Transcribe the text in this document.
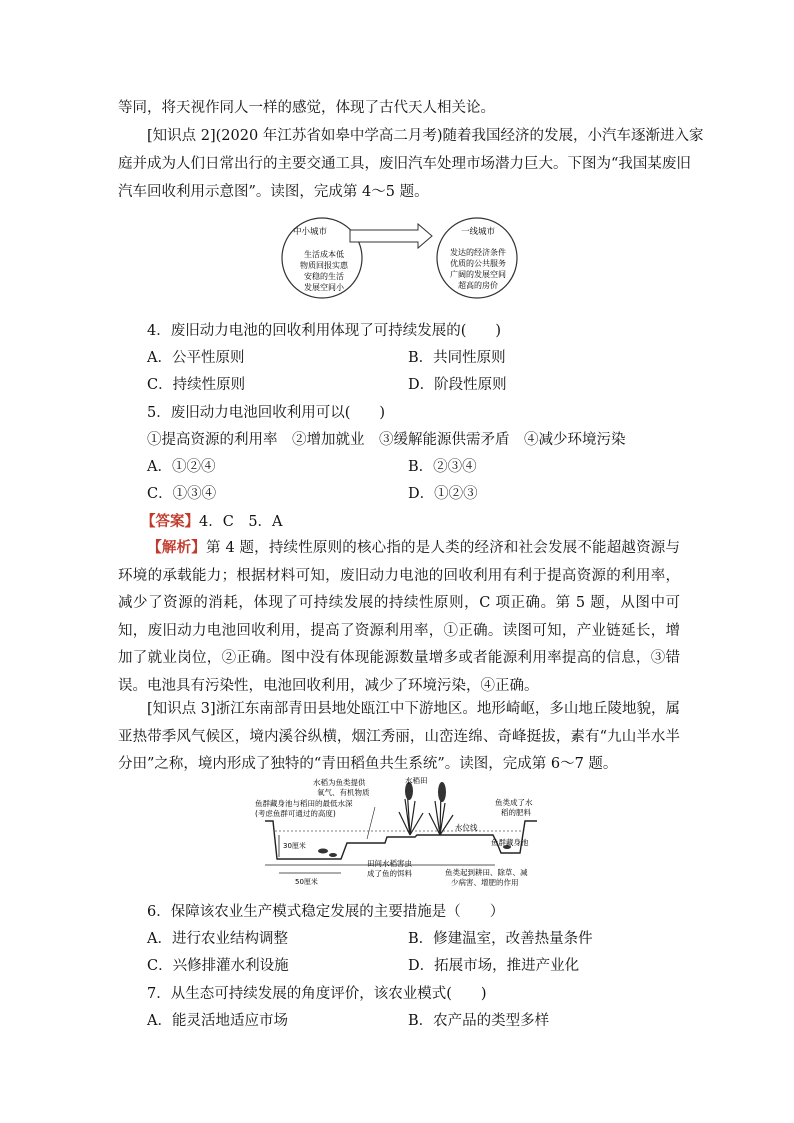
等同，将天视作同人一样的感觉，体现了古代天人相关论。
[知识点 2](2020 年江苏省如皋中学高二月考)随着我国经济的发展，小汽车逐渐进入家
庭并成为人们日常出行的主要交通工具，废旧汽车处理市场潜力巨大。下图为“我国某废旧
汽车回收利用示意图”。读图，完成第 4～5 题。
中小城市
生活成本低
物质回报实惠
安稳的生活
发展空间小
一线城市
发达的经济条件
优质的公共服务
广阔的发展空间
超高的房价
4．废旧动力电池的回收利用体现了可持续发展的(　　)
A．公平性原则	B．共同性原则
C．持续性原则	D．阶段性原则
5．废旧动力电池回收利用可以(　　)
①提高资源的利用率　②增加就业　③缓解能源供需矛盾　④减少环境污染
A．①②④	B．②③④
C．①③④	D．①②③
【答案】4．C　5．A
【解析】第 4 题，持续性原则的核心指的是人类的经济和社会发展不能超越资源与环境的承载能力；根据材料可知，废旧动力电池的回收利用有利于提高资源的利用率，减少了资源的消耗，体现了可持续发展的持续性原则，C 项正确。第 5 题，从图中可知，废旧动力电池回收利用，提高了资源利用率，①正确。读图可知，产业链延长，增加了就业岗位，②正确。图中没有体现能源数量增多或者能源利用率提高的信息，③错误。电池具有污染性，电池回收利用，减少了环境污染，④正确。
[知识点 3]浙江东南部青田县地处瓯江中下游地区。地形崎岖，多山地丘陵地貌，属亚热带季风气候区，境内溪谷纵横，烟江秀丽，山峦连绵、奇峰挺拔，素有“九山半水半分田”之称，境内形成了独特的“青田稻鱼共生系统”。读图，完成第 6～7 题。
30厘米
50厘米
水稻为鱼类提供
氧气、有机物质
水稻田
鱼类成了水
稻的肥料
鱼群藏身池与稻田的最低水深
(考虑鱼群可通过的高度)
水位线
鱼群藏身池
田间水稻害虫
成了鱼的饵料	鱼类起到耕田、除草、减
少病害、增肥的作用
6．保障该农业生产模式稳定发展的主要措施是（　　）
A．进行农业结构调整	B．修建温室，改善热量条件
C．兴修排灌水利设施	D．拓展市场，推进产业化
7．从生态可持续发展的角度评价，该农业模式(　　)
A．能灵活地适应市场	B．农产品的类型多样
